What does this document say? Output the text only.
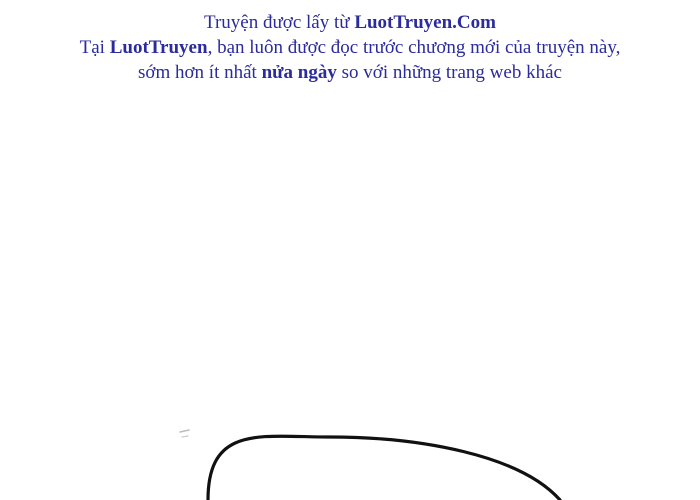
Truyện được lấy từ LuotTruyen.Com
Tại LuotTruyen, bạn luôn được đọc trước chương mới của truyện này,
sớm hơn ít nhất nửa ngày so với những trang web khác
